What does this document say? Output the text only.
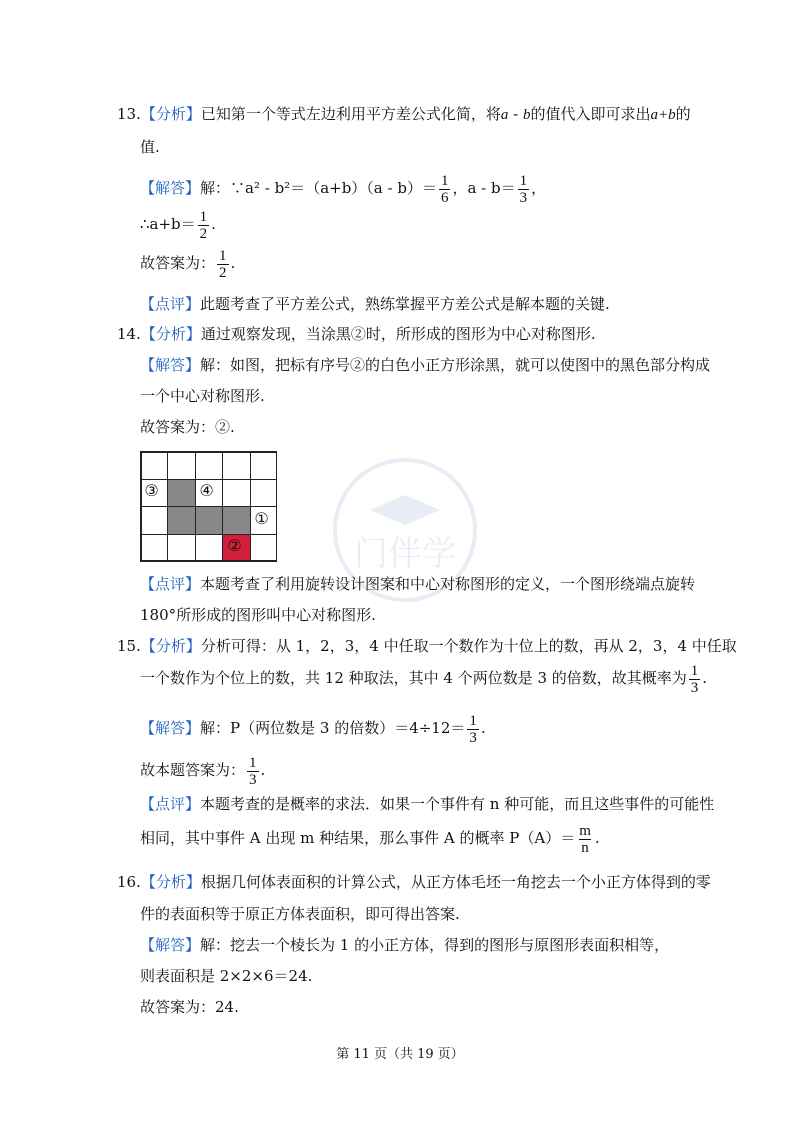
门伴学
13.【分析】已知第一个等式左边利用平方差公式化简，将a - b的值代入即可求出a+b的
值.
【解答】解：∵a² - $b^2=(a+b)(a - b)= \frac{1}{6}$ ，$a - b= \frac{1}{3}$ ，
∴a+b＝ $\frac{1}{2}$ .
故答案为： $\frac{1}{2}$ .
【点评】此题考查了平方差公式，熟练掌握平方差公式是解本题的关键.
14.【分析】通过观察发现，当涂黑②时，所形成的图形为中心对称图形.
【解答】解：如图，把标有序号②的白色小正方形涂黑，就可以使图中的黑色部分构成
一个中心对称图形.
故答案为：②.
③	④
①
②
【点评】本题考查了利用旋转设计图案和中心对称图形的定义，一个图形绕端点旋转
180°所形成的图形叫中心对称图形.
15.【分析】分析可得：从 1，2，3，4 中任取一个数作为十位上的数，再从 2，3，4 中任取
一个数作为个位上的数，共 12 种取法，其中 4 个两位数是 3 的倍数，故其概率为 $\frac{1}{3}$ .
【解答】解：P（两位数是 3 的倍数）$=4\div 12= \frac{1}{3}$ .
故本题答案为： $\frac{1}{3}$ .
【点评】本题考查的是概率的求法．如果一个事件有 n 种可能，而且这些事件的可能性
相同，其中事件 A 出现 m 种结果，那么事件 A 的概率 $P(A)= \frac{m}{n}$ .
16.【分析】根据几何体表面积的计算公式，从正方体毛坯一角挖去一个小正方体得到的零
件的表面积等于原正方体表面积，即可得出答案.
【解答】解：挖去一个棱长为 1 的小正方体，得到的图形与原图形表面积相等，
则表面积是 2×2×6＝24.
故答案为：24.
第 11 页（共 19 页）
